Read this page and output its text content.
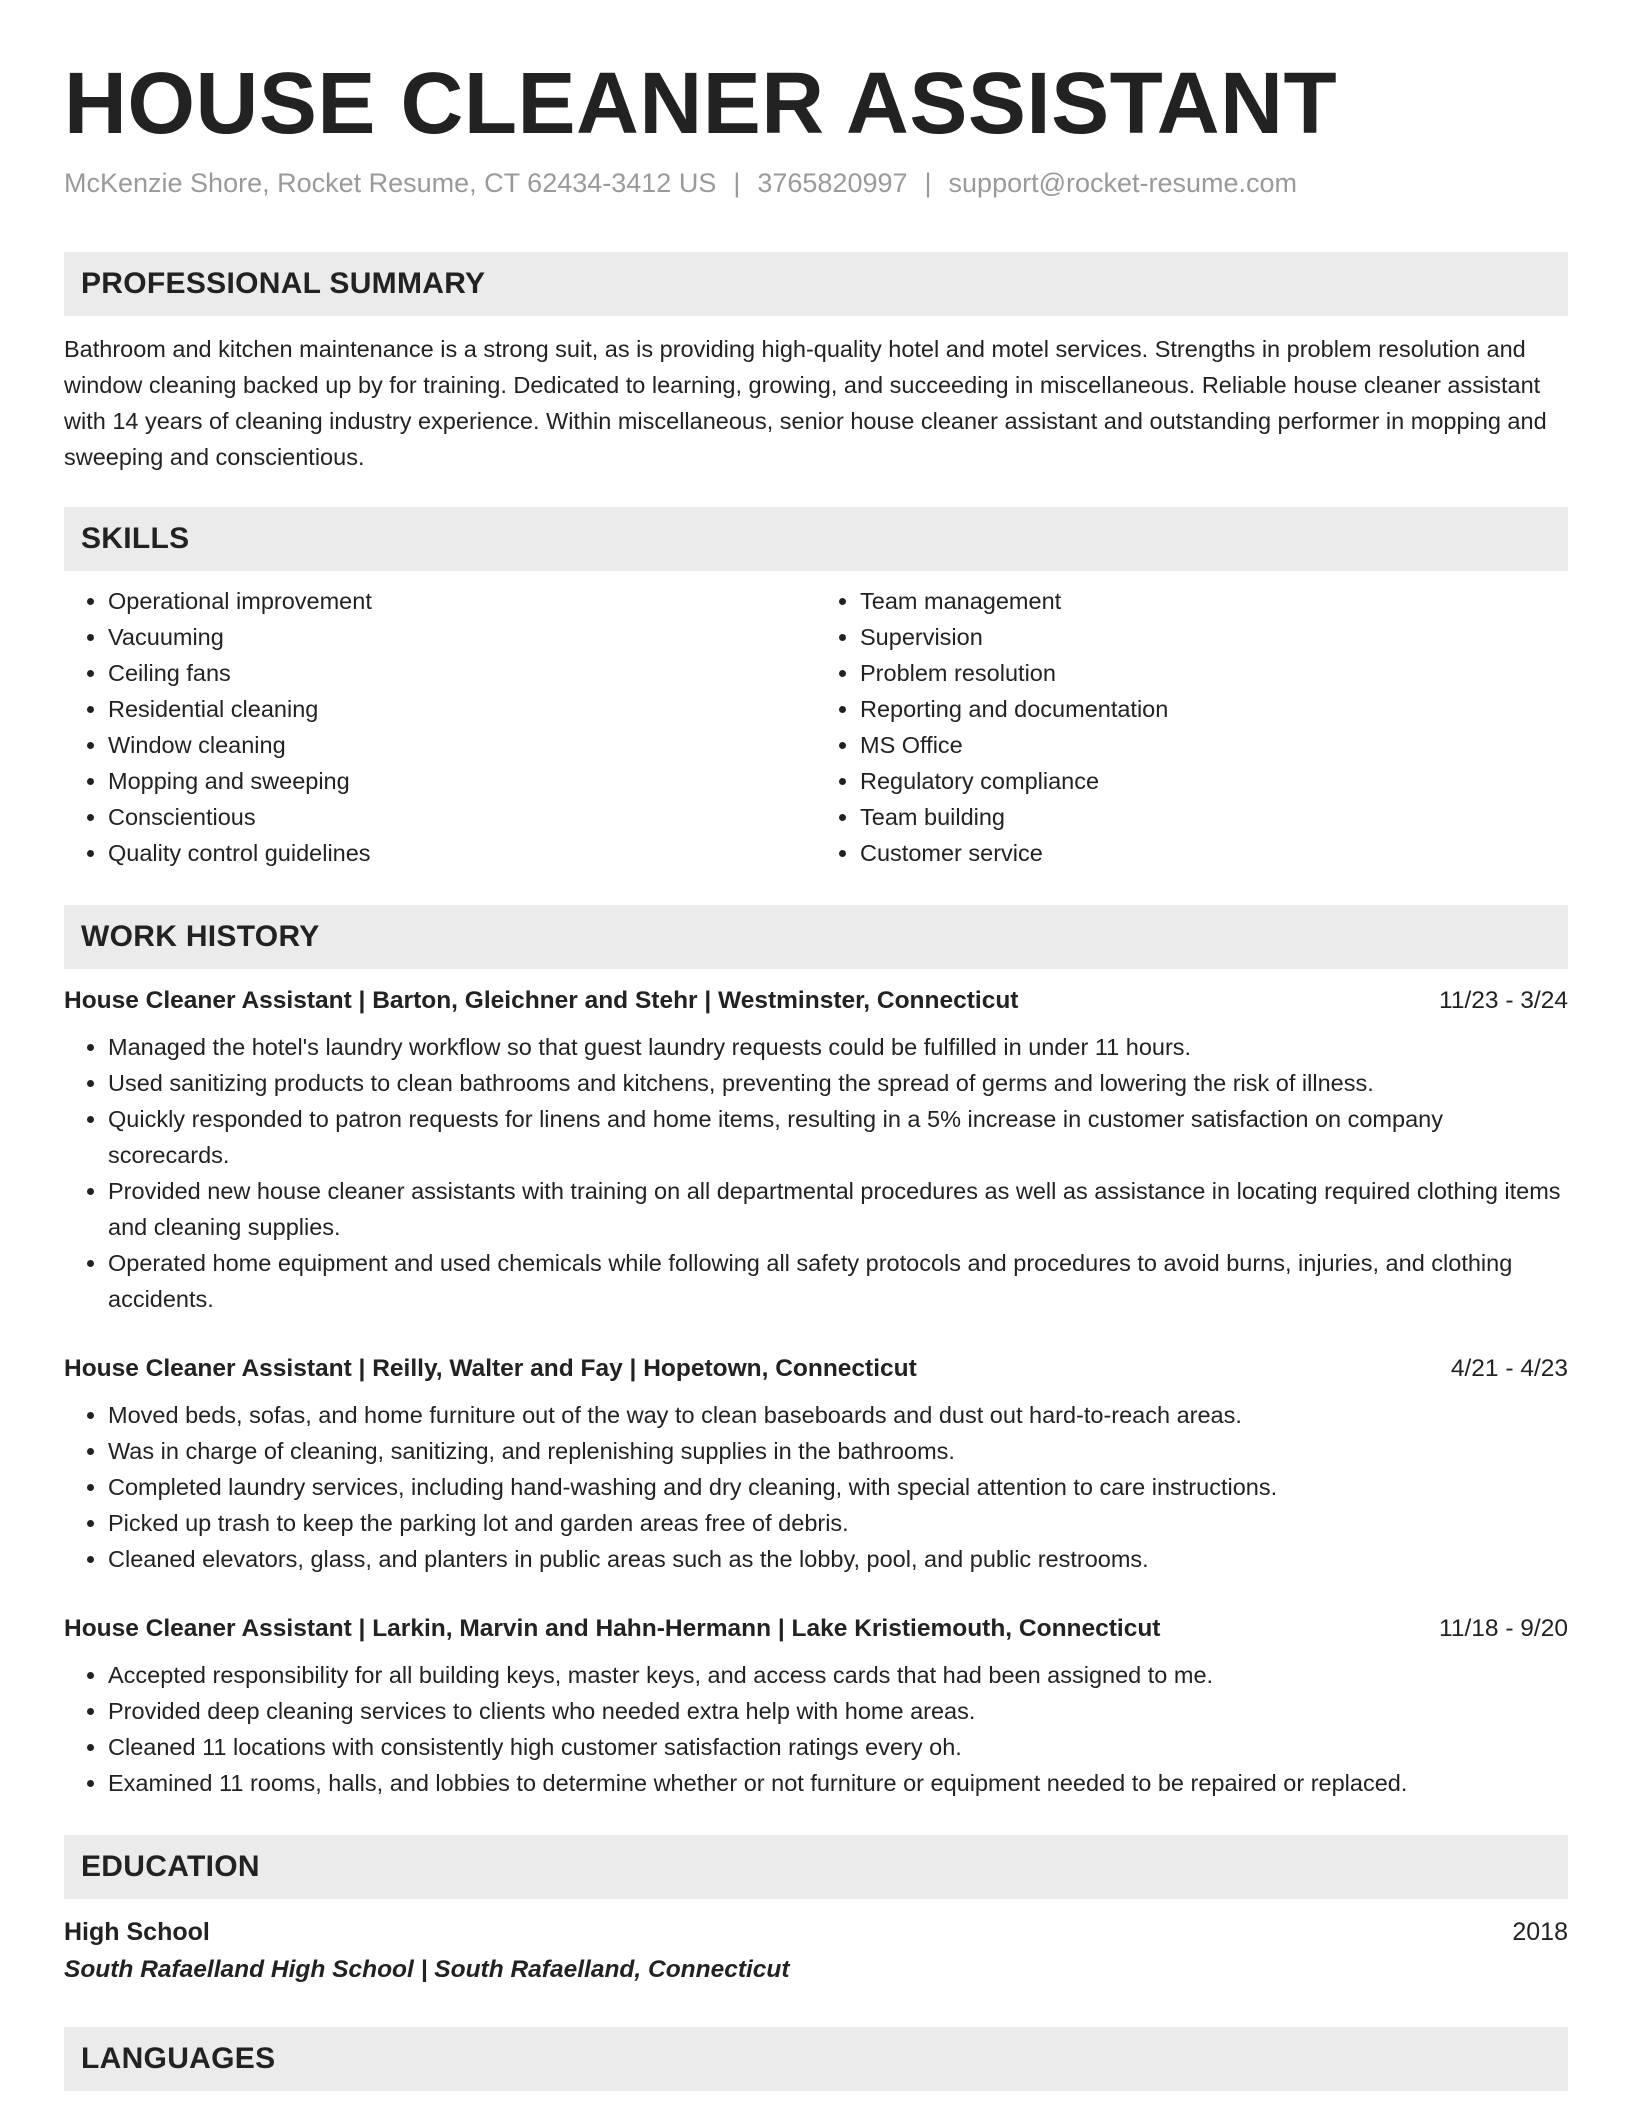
HOUSE CLEANER ASSISTANT
McKenzie Shore, Rocket Resume, CT 62434-3412 US | 3765820997 | support@rocket-resume.com
PROFESSIONAL SUMMARY
Bathroom and kitchen maintenance is a strong suit, as is providing high-quality hotel and motel services. Strengths in problem resolution and window cleaning backed up by for training. Dedicated to learning, growing, and succeeding in miscellaneous. Reliable house cleaner assistant with 14 years of cleaning industry experience. Within miscellaneous, senior house cleaner assistant and outstanding performer in mopping and sweeping and conscientious.
SKILLS
• Operational improvement
• Vacuuming
• Ceiling fans
• Residential cleaning
• Window cleaning
• Mopping and sweeping
• Conscientious
• Quality control guidelines
• Team management
• Supervision
• Problem resolution
• Reporting and documentation
• MS Office
• Regulatory compliance
• Team building
• Customer service
WORK HISTORY
House Cleaner Assistant | Barton, Gleichner and Stehr | Westminster, Connecticut	11/23 - 3/24
• Managed the hotel's laundry workflow so that guest laundry requests could be fulfilled in under 11 hours.
• Used sanitizing products to clean bathrooms and kitchens, preventing the spread of germs and lowering the risk of illness.
• Quickly responded to patron requests for linens and home items, resulting in a 5% increase in customer satisfaction on company scorecards.
• Provided new house cleaner assistants with training on all departmental procedures as well as assistance in locating required clothing items and cleaning supplies.
• Operated home equipment and used chemicals while following all safety protocols and procedures to avoid burns, injuries, and clothing accidents.
House Cleaner Assistant | Reilly, Walter and Fay | Hopetown, Connecticut	4/21 - 4/23
• Moved beds, sofas, and home furniture out of the way to clean baseboards and dust out hard-to-reach areas.
• Was in charge of cleaning, sanitizing, and replenishing supplies in the bathrooms.
• Completed laundry services, including hand-washing and dry cleaning, with special attention to care instructions.
• Picked up trash to keep the parking lot and garden areas free of debris.
• Cleaned elevators, glass, and planters in public areas such as the lobby, pool, and public restrooms.
House Cleaner Assistant | Larkin, Marvin and Hahn-Hermann | Lake Kristiemouth, Connecticut	11/18 - 9/20
• Accepted responsibility for all building keys, master keys, and access cards that had been assigned to me.
• Provided deep cleaning services to clients who needed extra help with home areas.
• Cleaned 11 locations with consistently high customer satisfaction ratings every oh.
• Examined 11 rooms, halls, and lobbies to determine whether or not furniture or equipment needed to be repaired or replaced.
EDUCATION
High School	2018
South Rafaelland High School | South Rafaelland, Connecticut
LANGUAGES
